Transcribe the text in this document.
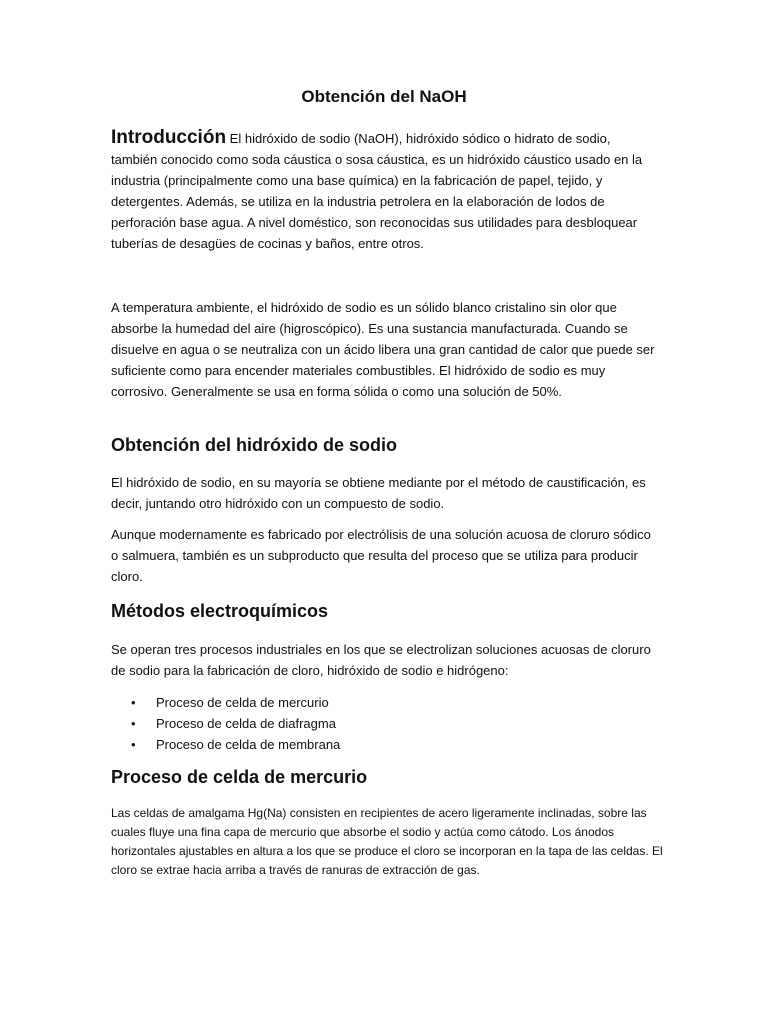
Obtención del NaOH

Introducción El hidróxido de sodio (NaOH), hidróxido sódico o hidrato de sodio, también conocido como soda cáustica o sosa cáustica, es un hidróxido cáustico usado en la industria (principalmente como una base química) en la fabricación de papel, tejido, y detergentes. Además, se utiliza en la industria petrolera en la elaboración de lodos de perforación base agua. A nivel doméstico, son reconocidas sus utilidades para desbloquear tuberías de desagües de cocinas y baños, entre otros.

A temperatura ambiente, el hidróxido de sodio es un sólido blanco cristalino sin olor que absorbe la humedad del aire (higroscópico). Es una sustancia manufacturada. Cuando se disuelve en agua o se neutraliza con un ácido libera una gran cantidad de calor que puede ser suficiente como para encender materiales combustibles. El hidróxido de sodio es muy corrosivo. Generalmente se usa en forma sólida o como una solución de 50%.

Obtención del hidróxido de sodio

El hidróxido de sodio, en su mayoría se obtiene mediante por el método de caustificación, es decir, juntando otro hidróxido con un compuesto de sodio.

Aunque modernamente es fabricado por electrólisis de una solución acuosa de cloruro sódico o salmuera, también es un subproducto que resulta del proceso que se utiliza para producir cloro.

Métodos electroquímicos

Se operan tres procesos industriales en los que se electrolizan soluciones acuosas de cloruro de sodio para la fabricación de cloro, hidróxido de sodio e hidrógeno:

• Proceso de celda de mercurio
• Proceso de celda de diafragma
• Proceso de celda de membrana
Proceso de celda de mercurio

Las celdas de amalgama Hg(Na) consisten en recipientes de acero ligeramente inclinadas, sobre las cuales fluye una fina capa de mercurio que absorbe el sodio y actúa como cátodo. Los ánodos horizontales ajustables en altura a los que se produce el cloro se incorporan en la tapa de las celdas. El cloro se extrae hacia arriba a través de ranuras de extracción de gas.
